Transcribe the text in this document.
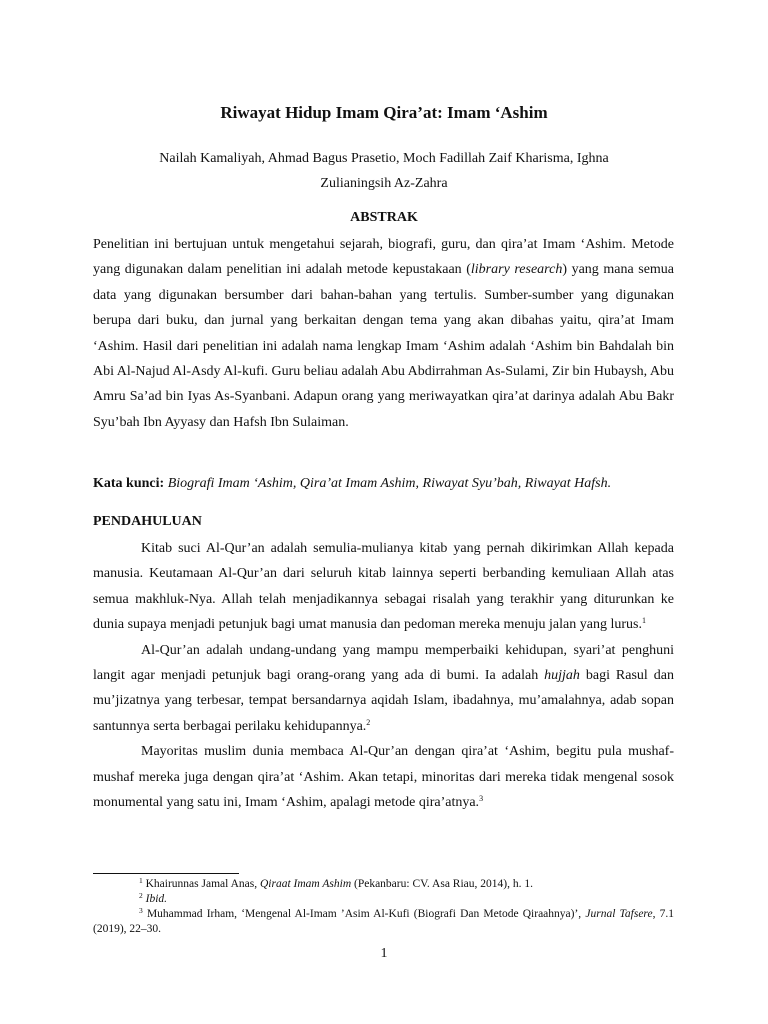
Riwayat Hidup Imam Qira’at: Imam ‘Ashim
Nailah Kamaliyah, Ahmad Bagus Prasetio, Moch Fadillah Zaif Kharisma, Ighna
Zulianingsih Az-Zahra
ABSTRAK
Penelitian ini bertujuan untuk mengetahui sejarah, biografi, guru, dan qira’at Imam ‘Ashim. Metode yang digunakan dalam penelitian ini adalah metode kepustakaan (library research) yang mana semua data yang digunakan bersumber dari bahan-bahan yang tertulis. Sumber-sumber yang digunakan berupa dari buku, dan jurnal yang berkaitan dengan tema yang akan dibahas yaitu, qira’at Imam ‘Ashim. Hasil dari penelitian ini adalah nama lengkap Imam ‘Ashim adalah ‘Ashim bin Bahdalah bin Abi Al-Najud Al-Asdy Al-kufi. Guru beliau adalah Abu Abdirrahman As-Sulami, Zir bin Hubaysh, Abu Amru Sa’ad bin Iyas As-Syanbani. Adapun orang yang meriwayatkan qira’at darinya adalah Abu Bakr Syu’bah Ibn Ayyasy dan Hafsh Ibn Sulaiman.
Kata kunci: Biografi Imam ‘Ashim, Qira’at Imam Ashim, Riwayat Syu’bah, Riwayat Hafsh.
PENDAHULUAN

Kitab suci Al-Qur’an adalah semulia-mulianya kitab yang pernah dikirimkan Allah kepada manusia. Keutamaan Al-Qur’an dari seluruh kitab lainnya seperti berbanding kemuliaan Allah atas semua makhluk-Nya. Allah telah menjadikannya sebagai risalah yang terakhir yang diturunkan ke dunia supaya menjadi petunjuk bagi umat manusia dan pedoman mereka menuju jalan yang lurus.$^1$

Al-Qur’an adalah undang-undang yang mampu memperbaiki kehidupan, syari’at penghuni langit agar menjadi petunjuk bagi orang-orang yang ada di bumi. Ia adalah hujjah bagi Rasul dan mu’jizatnya yang terbesar, tempat bersandarnya aqidah Islam, ibadahnya, mu’amalahnya, adab sopan santunnya serta berbagai perilaku kehidupannya.$^2$

Mayoritas muslim dunia membaca Al-Qur’an dengan qira’at ‘Ashim, begitu pula mushaf-mushaf mereka juga dengan qira’at ‘Ashim. Akan tetapi, minoritas dari mereka tidak mengenal sosok monumental yang satu ini, Imam ‘Ashim, apalagi metode qira’atnya.$^3$

$^1$ Khairunnas Jamal Anas, Qiraat Imam Ashim (Pekanbaru: CV. Asa Riau, 2014), h. 1.
$^2$ Ibid.
$^3$ Muhammad Irham, ‘Mengenal Al-Imam ’Asim Al-Kufi (Biografi Dan Metode Qiraahnya)’, Jurnal Tafsere, 7.1 (2019), 22–30.
1
